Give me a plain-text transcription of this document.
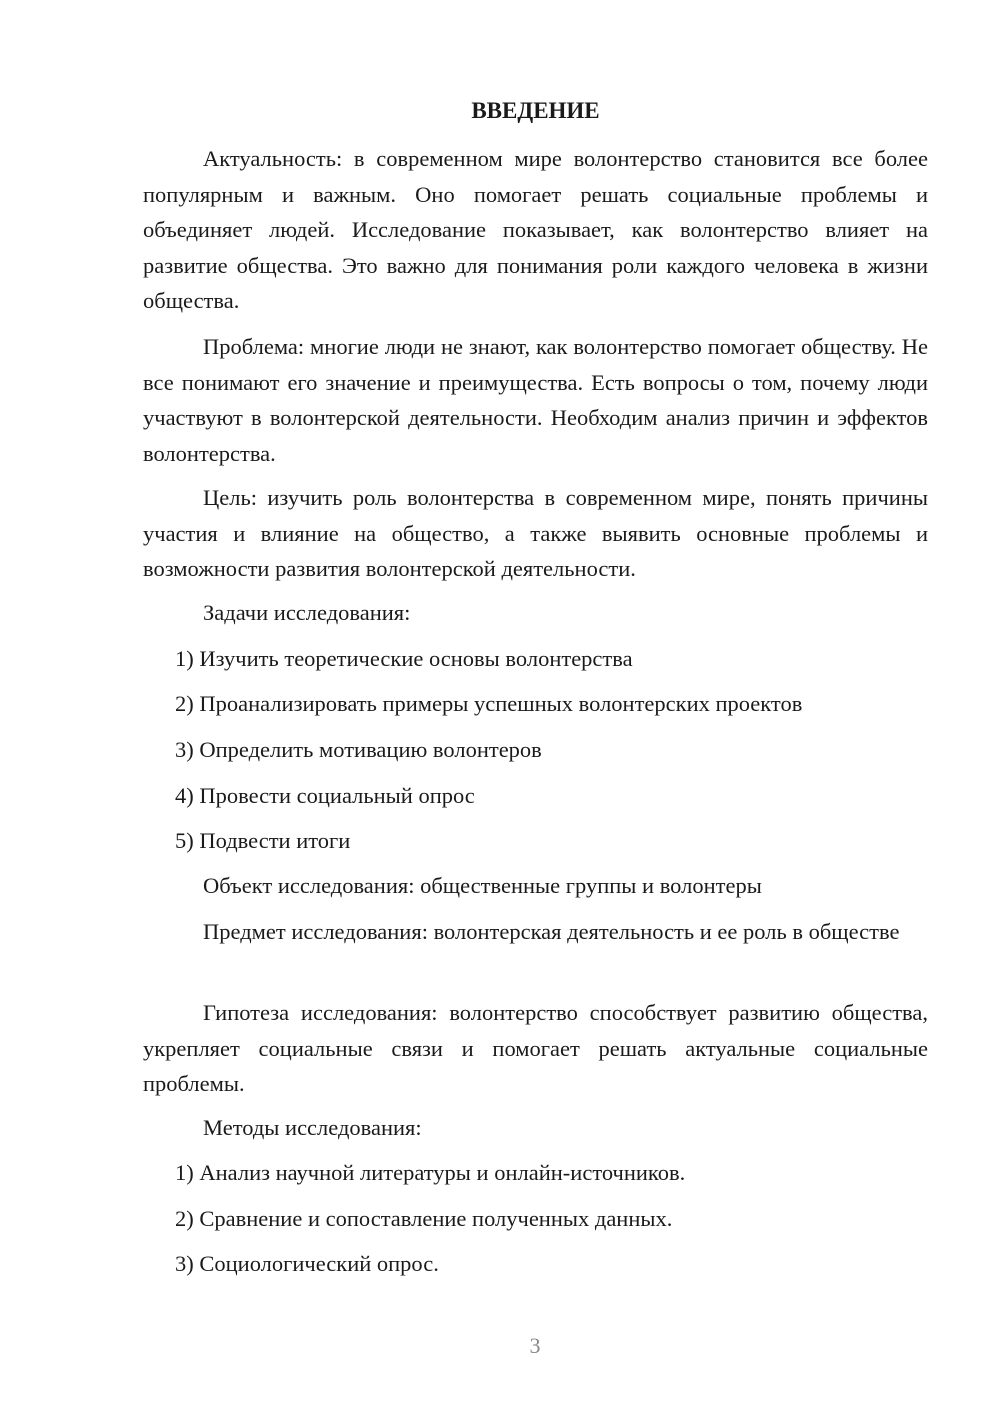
ВВЕДЕНИЕ
Актуальность: в современном мире волонтерство становится все более популярным и важным. Оно помогает решать социальные проблемы и объединяет людей. Исследование показывает, как волонтерство влияет на развитие общества. Это важно для понимания роли каждого человека в жизни общества.
Проблема: многие люди не знают, как волонтерство помогает обществу. Не все понимают его значение и преимущества. Есть вопросы о том, почему люди участвуют в волонтерской деятельности. Необходим анализ причин и эффектов волонтерства.
Цель: изучить роль волонтерства в современном мире, понять причины участия и влияние на общество, а также выявить основные проблемы и возможности развития волонтерской деятельности.
Задачи исследования:
1) Изучить теоретические основы волонтерства
2) Проанализировать примеры успешных волонтерских проектов
3) Определить мотивацию волонтеров
4) Провести социальный опрос
5) Подвести итоги
Объект исследования: общественные группы и волонтеры
Предмет исследования: волонтерская деятельность и ее роль в обществе
Гипотеза исследования: волонтерство способствует развитию общества, укрепляет социальные связи и помогает решать актуальные социальные проблемы.
Методы исследования:
1) Анализ научной литературы и онлайн-источников.
2) Сравнение и сопоставление полученных данных.
3) Социологический опрос.
3
